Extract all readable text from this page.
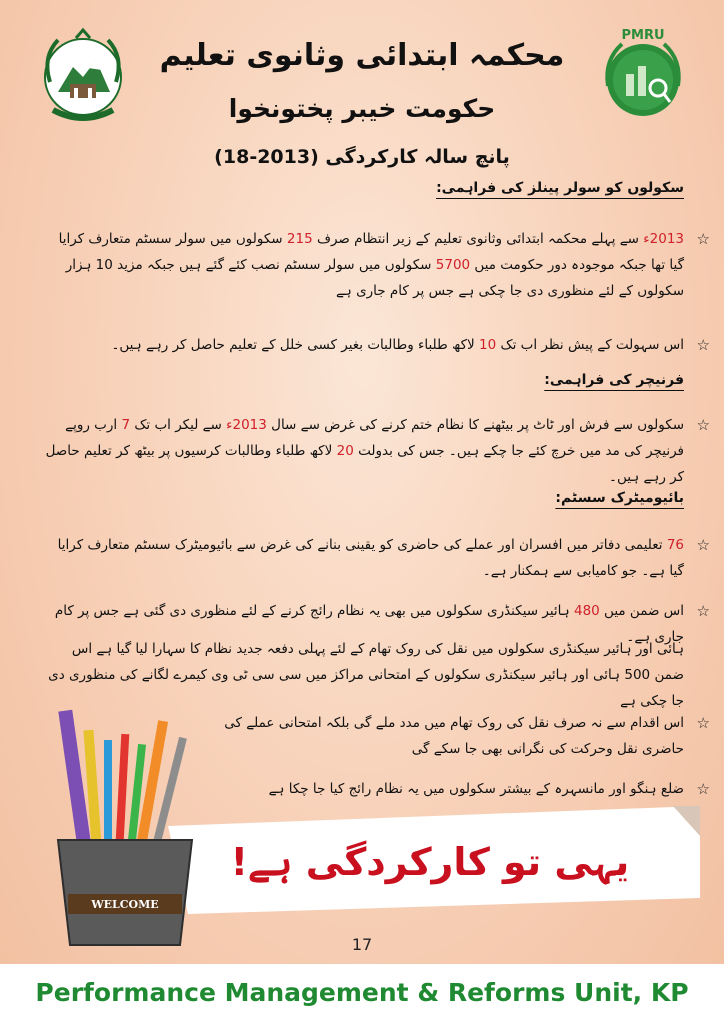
PMRU
محکمہ ابتدائی وثانوی تعلیم
حکومت خیبر پختونخوا
پانچ سالہ کارکردگی (2013-18)
سکولوں کو سولر پینلز کی فراہمی:
☆
2013ء سے پہلے محکمہ ابتدائی وثانوی تعلیم کے زیر انتظام صرف 215 سکولوں میں سولر سسٹم متعارف کرایا گیا تھا جبکہ موجودہ دور حکومت میں 5700 سکولوں میں سولر سسٹم نصب کئے گئے ہیں جبکہ مزید 10 ہزار سکولوں کے لئے منظوری دی جا چکی ہے جس پر کام جاری ہے
☆
اس سہولت کے پیش نظر اب تک 10 لاکھ طلباء وطالبات بغیر کسی خلل کے تعلیم حاصل کر رہے ہیں۔
فرنیچر کی فراہمی:
☆
سکولوں سے فرش اور ٹاٹ پر بیٹھنے کا نظام ختم کرنے کی غرض سے سال 2013ء سے لیکر اب تک 7 ارب روپے فرنیچر کی مد میں خرچ کئے جا چکے ہیں۔ جس کی بدولت 20 لاکھ طلباء وطالبات کرسیوں پر بیٹھ کر تعلیم حاصل کر رہے ہیں۔
بائیومیٹرک سسٹم:
☆
76 تعلیمی دفاتر میں افسران اور عملے کی حاضری کو یقینی بنانے کی غرض سے بائیومیٹرک سسٹم متعارف کرایا گیا ہے۔ جو کامیابی سے ہمکنار ہے۔
☆
اس ضمن میں 480 ہائیر سیکنڈری سکولوں میں بھی یہ نظام رائج کرنے کے لئے منظوری دی گئی ہے جس پر کام جاری ہے۔
ہائی اور ہائیر سیکنڈری سکولوں میں نقل کی روک تھام کے لئے پہلی دفعہ جدید نظام کا سہارا لیا گیا ہے اس ضمن 500 ہائی اور ہائیر سیکنڈری سکولوں کے امتحانی مراکز میں سی سی ٹی وی کیمرے لگانے کی منظوری دی جا چکی ہے
☆
اس اقدام سے نہ صرف نقل کی روک تھام میں مدد ملے گی بلکہ امتحانی عملے کی حاضری نقل وحرکت کی نگرانی بھی جا سکے گی
☆
ضلع ہنگو اور مانسہرہ کے بیشتر سکولوں میں یہ نظام رائج کیا جا چکا ہے
یہی تو کارکردگی ہے!
WELCOME
17
Performance Management & Reforms Unit, KP
